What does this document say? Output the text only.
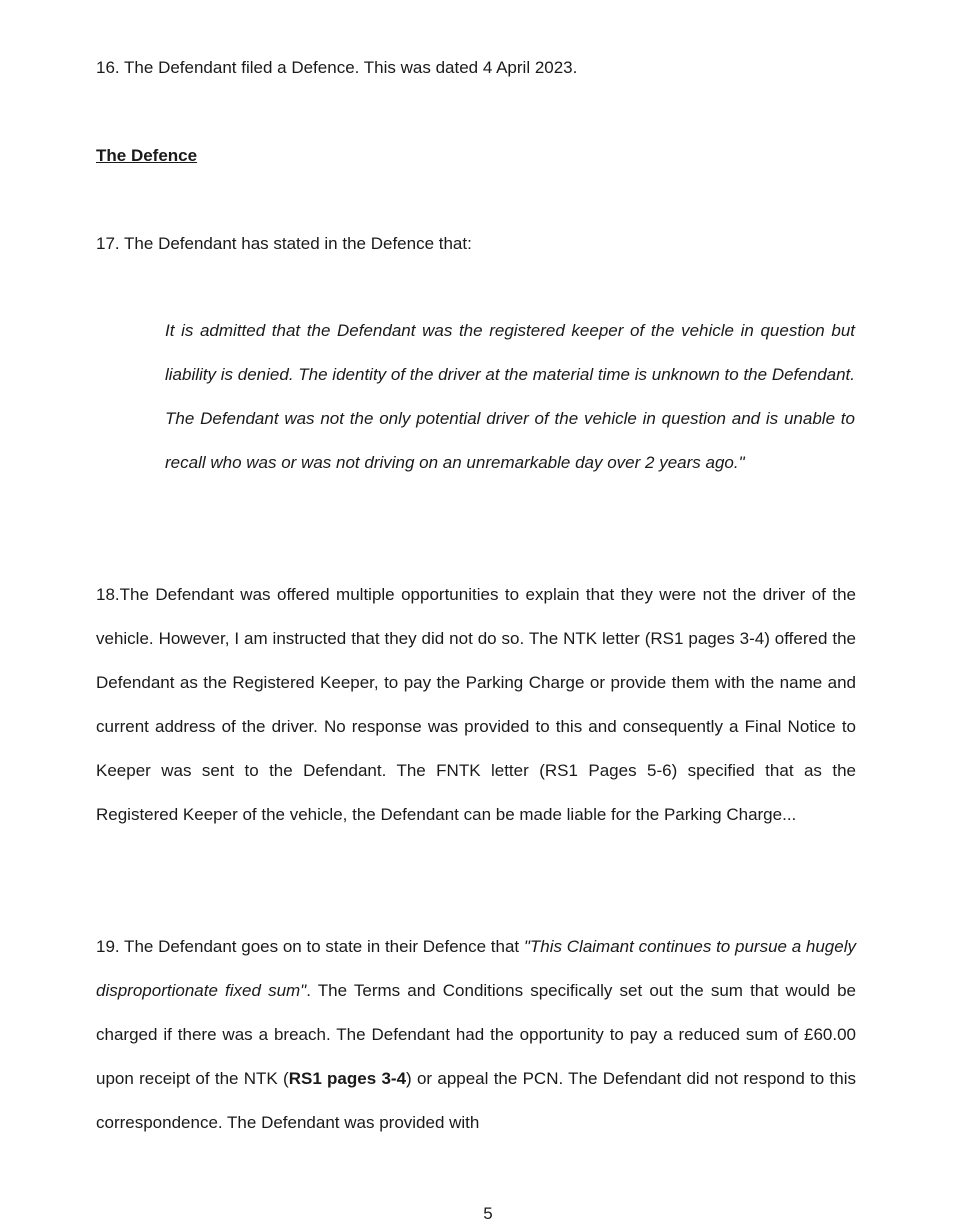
16. The Defendant filed a Defence. This was dated 4 April 2023.

The Defence

17. The Defendant has stated in the Defence that:

It is admitted that the Defendant was the registered keeper of the vehicle in question but liability is denied. The identity of the driver at the material time is unknown to the Defendant. The Defendant was not the only potential driver of the vehicle in question and is unable to recall who was or was not driving on an unremarkable day over 2 years ago."

18.The Defendant was offered multiple opportunities to explain that they were not the driver of the vehicle. However, I am instructed that they did not do so. The NTK letter (RS1 pages 3-4) offered the Defendant as the Registered Keeper, to pay the Parking Charge or provide them with the name and current address of the driver. No response was provided to this and consequently a Final Notice to Keeper was sent to the Defendant. The FNTK letter (RS1 Pages 5-6) specified that as the Registered Keeper of the vehicle, the Defendant can be made liable for the Parking Charge...

19. The Defendant goes on to state in their Defence that "This Claimant continues to pursue a hugely disproportionate fixed sum". The Terms and Conditions specifically set out the sum that would be charged if there was a breach. The Defendant had the opportunity to pay a reduced sum of £60.00 upon receipt of the NTK (RS1 pages 3-4) or appeal the PCN. The Defendant did not respond to this correspondence. The Defendant was provided with

5
